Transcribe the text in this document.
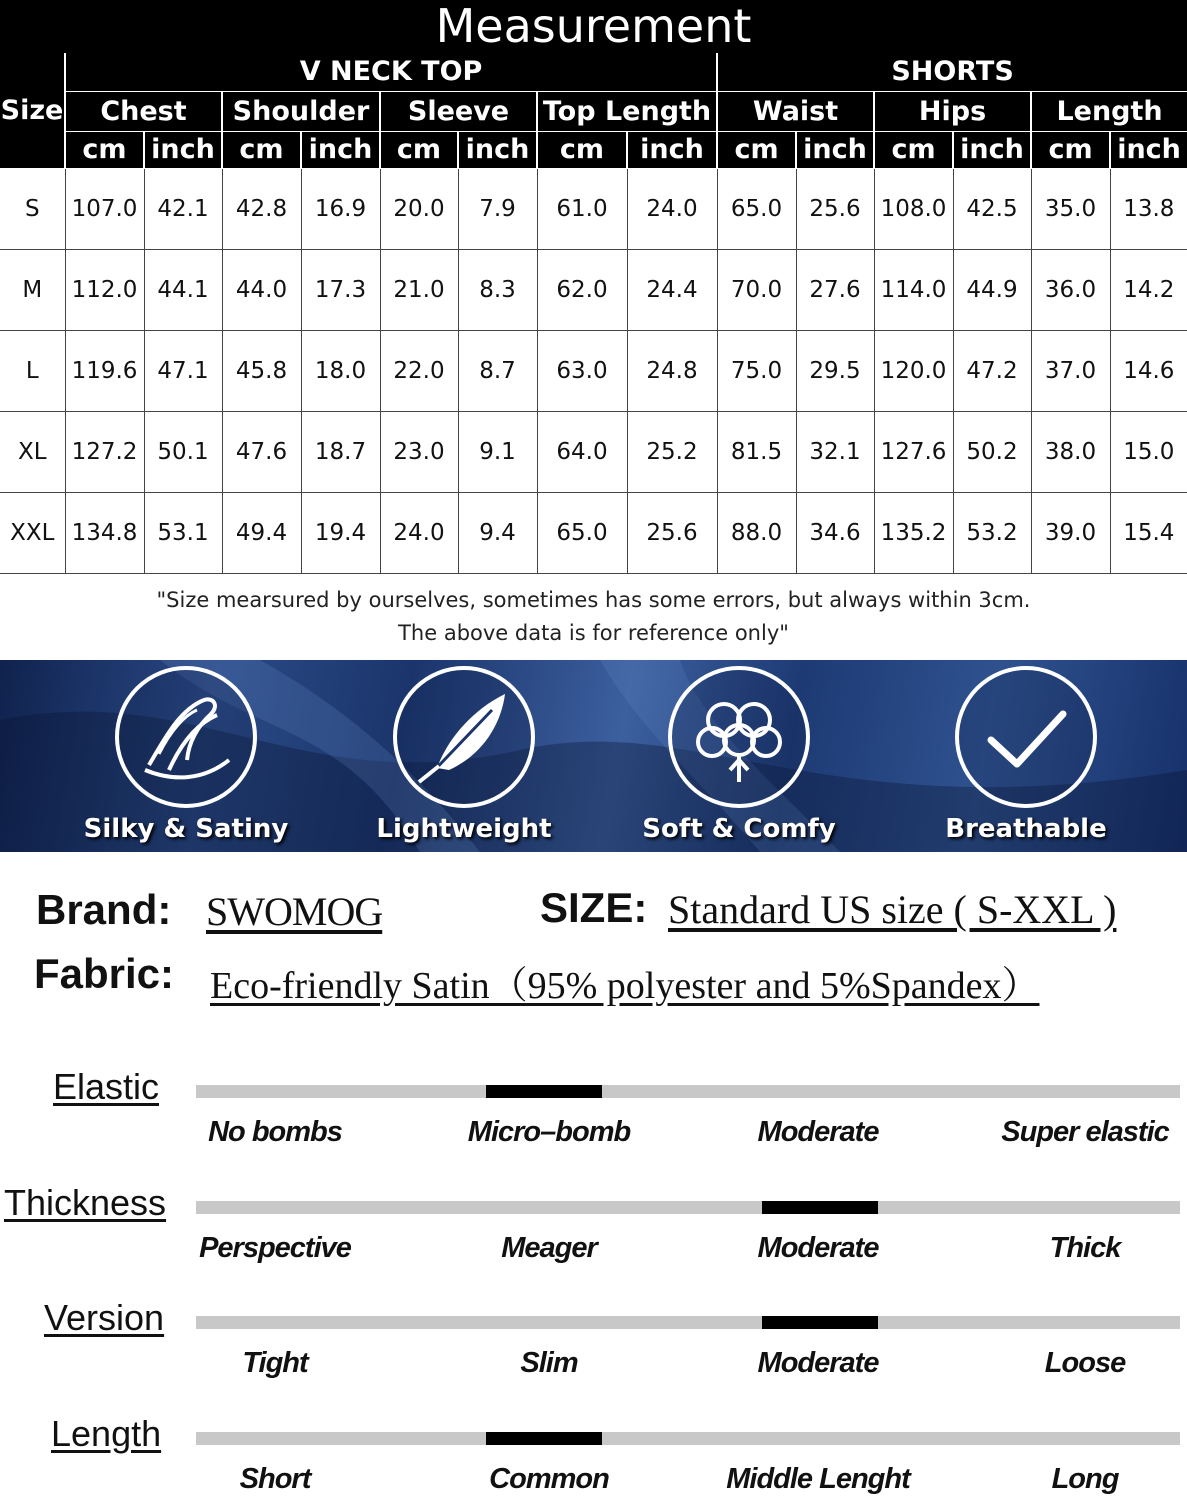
Measurement
Size	V NECK TOP								SHORTS					
	Chest		Shoulder		Sleeve		Top Length		Waist		Hips		Length	
	cm	inch	cm	inch	cm	inch	cm	inch	cm	inch	cm	inch	cm	inch
S	107.0	42.1	42.8	16.9	20.0	7.9	61.0	24.0	65.0	25.6	108.0	42.5	35.0	13.8
M	112.0	44.1	44.0	17.3	21.0	8.3	62.0	24.4	70.0	27.6	114.0	44.9	36.0	14.2
L	119.6	47.1	45.8	18.0	22.0	8.7	63.0	24.8	75.0	29.5	120.0	47.2	37.0	14.6
XL	127.2	50.1	47.6	18.7	23.0	9.1	64.0	25.2	81.5	32.1	127.6	50.2	38.0	15.0
XXL	134.8	53.1	49.4	19.4	24.0	9.4	65.0	25.6	88.0	34.6	135.2	53.2	39.0	15.4
"Size mearsured by ourselves, sometimes has some errors, but always within 3cm.
The above data is for reference only"
Silky & Satiny	Lightweight	Soft & Comfy	Breathable
Brand: SWOMOG	SIZE: Standard US size ( S-XXL )
Fabric: Eco-friendly Satin（95% polyester and 5%Spandex）
Elastic
No bombs	Micro–bomb	Moderate	Super elastic
Thickness
Perspective	Meager	Moderate	Thick
Version
Tight	Slim	Moderate	Loose
Length
Short	Common	Middle Lenght	Long
